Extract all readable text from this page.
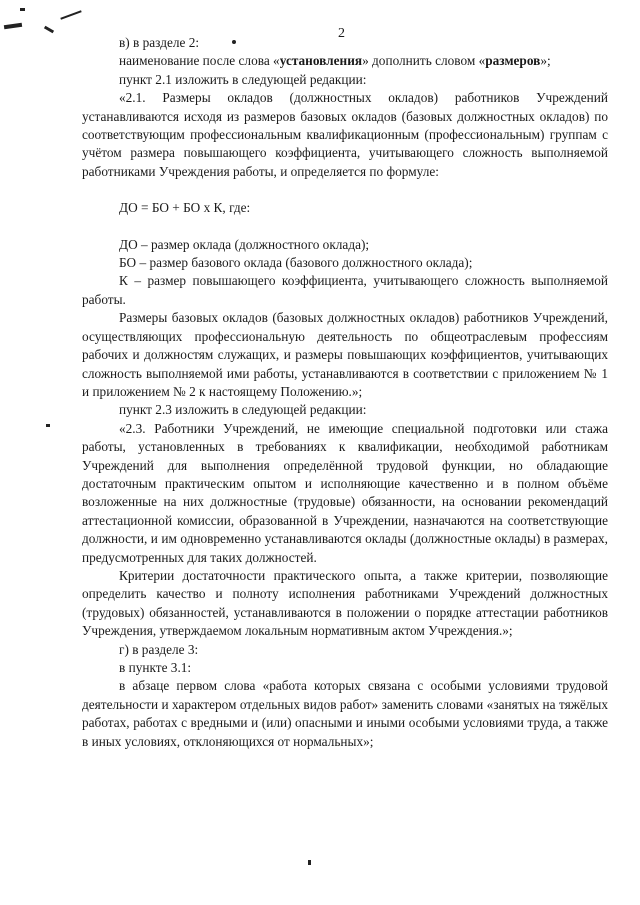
2

в) в разделе 2:

наименование после слова «установления» дополнить словом «размеров»;

пункт 2.1 изложить в следующей редакции:

«2.1. Размеры окладов (должностных окладов) работников Учреждений устанавливаются исходя из размеров базовых окладов (базовых должностных окладов) по соответствующим профессиональным квалификационным (профессиональным) группам с учётом размера повышающего коэффициента, учитывающего сложность выполняемой работниками Учреждения работы, и определяется по формуле:

ДО = БО + БО х К, где:

ДО – размер оклада (должностного оклада);

БО – размер базового оклада (базового должностного оклада);

К – размер повышающего коэффициента, учитывающего сложность выполняемой работы.

Размеры базовых окладов (базовых должностных окладов) работников Учреждений, осуществляющих профессиональную деятельность по общеотраслевым профессиям рабочих и должностям служащих, и размеры повышающих коэффициентов, учитывающих сложность выполняемой ими работы, устанавливаются в соответствии с приложением № 1 и приложением № 2 к настоящему Положению.»;

пункт 2.3 изложить в следующей редакции:

«2.3. Работники Учреждений, не имеющие специальной подготовки или стажа работы, установленных в требованиях к квалификации, необходимой работникам Учреждений для выполнения определённой трудовой функции, но обладающие достаточным практическим опытом и исполняющие качественно и в полном объёме возложенные на них должностные (трудовые) обязанности, на основании рекомендаций аттестационной комиссии, образованной в Учреждении, назначаются на соответствующие должности, и им одновременно устанавливаются оклады (должностные оклады) в размерах, предусмотренных для таких должностей.

Критерии достаточности практического опыта, а также критерии, позволяющие определить качество и полноту исполнения работниками Учреждений должностных (трудовых) обязанностей, устанавливаются в положении о порядке аттестации работников Учреждения, утверждаемом локальным нормативным актом Учреждения.»;

г) в разделе 3:

в пункте 3.1:

в абзаце первом слова «работа которых связана с особыми условиями трудовой деятельности и характером отдельных видов работ» заменить словами «занятых на тяжёлых работах, работах с вредными и (или) опасными и иными особыми условиями труда, а также в иных условиях, отклоняющихся от нормальных»;
